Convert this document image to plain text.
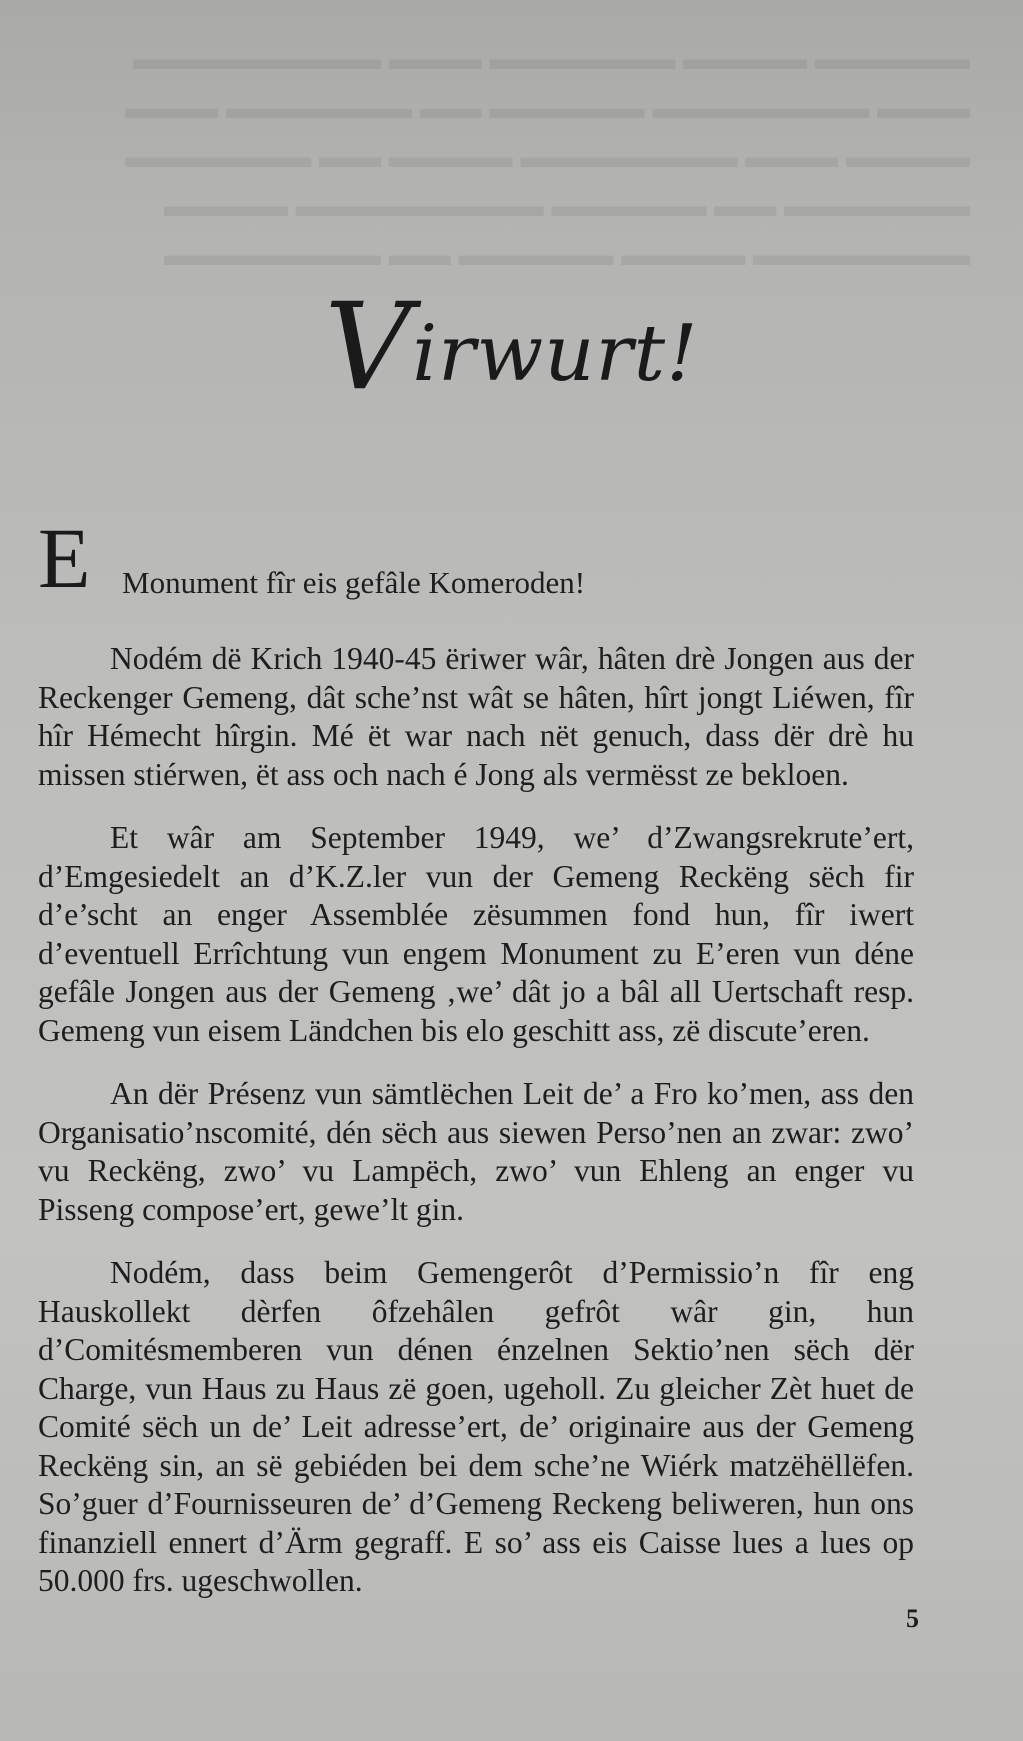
▬▬▬▬▬ ▬▬▬▬ ▬▬▬▬▬▬ ▬▬▬ ▬▬▬▬▬▬▬▬

▬▬▬ ▬▬▬▬▬▬▬ ▬▬▬▬▬ ▬▬ ▬▬▬▬▬▬ ▬▬▬

▬▬▬▬ ▬▬▬ ▬▬▬▬▬▬▬ ▬▬▬▬ ▬▬ ▬▬▬▬▬▬

▬▬▬▬▬▬ ▬▬ ▬▬▬▬▬ ▬▬▬▬▬▬▬▬ ▬▬▬▬

▬▬▬▬▬▬▬ ▬▬▬▬ ▬▬▬▬▬ ▬▬ ▬▬▬▬▬▬▬

Virwurt!
E Monument fîr eis gefâle Komeroden!

Nodém dë Krich 1940-45 ëriwer wâr, hâten drè Jongen aus der Reckenger Gemeng, dât sche’nst wât se hâten, hîrt jongt Liéwen, fîr hîr Hémecht hîrgin. Mé ët war nach nët genuch, dass dër drè hu missen stiérwen, ët ass och nach é Jong als vermësst ze bekloen.

Et wâr am September 1949, we’ d’Zwangsrekrute’ert, d’Emgesiedelt an d’K.Z.ler vun der Gemeng Reckëng sëch fir d’e’scht an enger Assemblée zësummen fond hun, fîr iwert d’eventuell Errîchtung vun engem Monument zu E’eren vun déne gefâle Jongen aus der Gemeng ‚we’ dât jo a bâl all Uertschaft resp. Gemeng vun eisem Ländchen bis elo geschitt ass, zë discute’eren.

An dër Présenz vun sämtlëchen Leit de’ a Fro ko’men, ass den Organisatio’nscomité, dén sëch aus siewen Perso’nen an zwar: zwo’ vu Reckëng, zwo’ vu Lampëch, zwo’ vun Ehleng an enger vu Pisseng compose’ert, gewe’lt gin.

Nodém, dass beim Gemengerôt d’Permissio’n fîr eng Hauskollekt dèrfen ôfzehâlen gefrôt wâr gin, hun d’Comitésmemberen vun dénen énzelnen Sektio’nen sëch dër Charge, vun Haus zu Haus zë goen, ugeholl. Zu gleicher Zèt huet de Comité sëch un de’ Leit adresse’ert, de’ originaire aus der Gemeng Reckëng sin, an së gebiéden bei dem sche’ne Wiérk matzëhëllëfen. So’guer d’Fournisseuren de’ d’Gemeng Reckeng beliweren, hun ons finanziell ennert d’Ärm gegraff. E so’ ass eis Caisse lues a lues op 50.000 frs. ugeschwollen.

5
